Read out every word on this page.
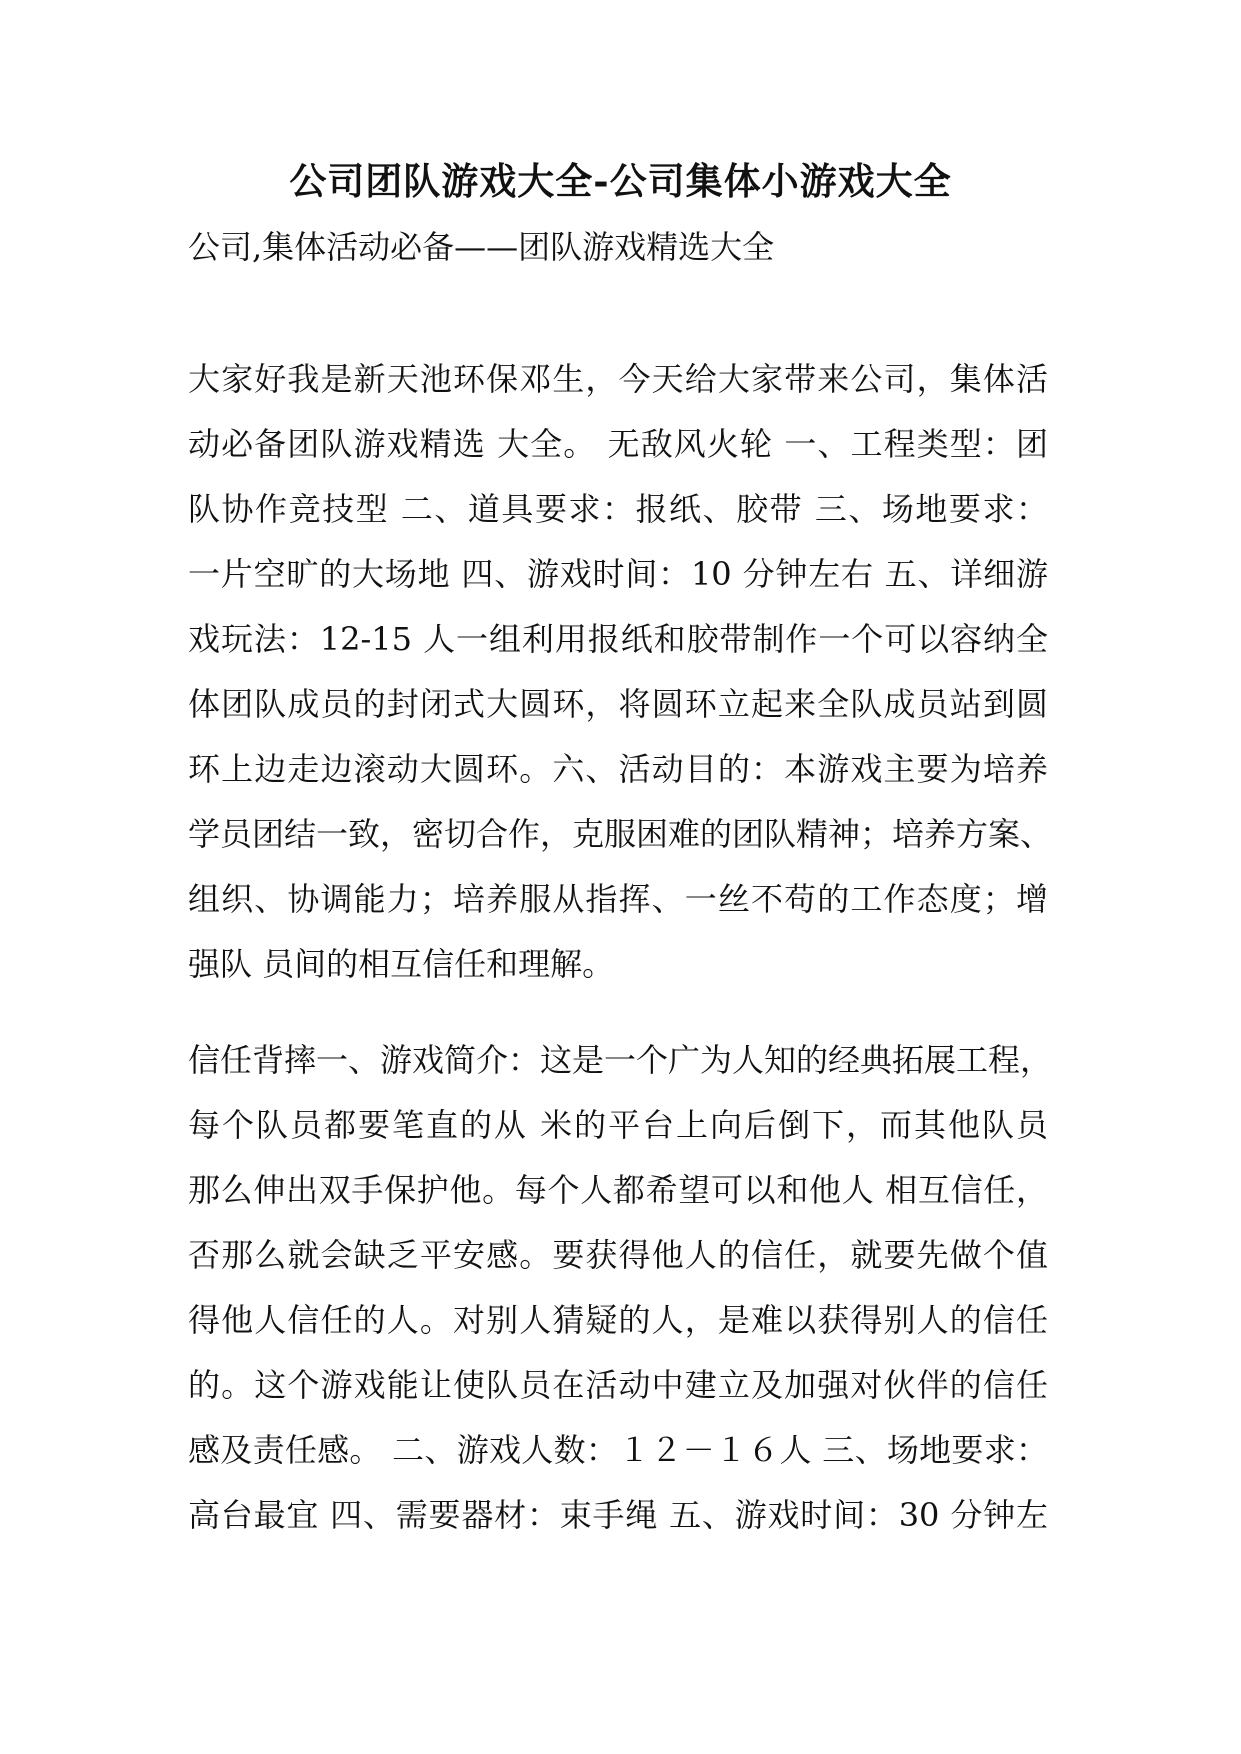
公司团队游戏大全-公司集体小游戏大全
公司,集体活动必备——团队游戏精选大全
大家好我是新天池环保邓生，今天给大家带来公司，集体活
动必备团队游戏精选 大全。 无敌风火轮 一、工程类型：团
队协作竞技型 二、道具要求：报纸、胶带 三、场地要求：
一片空旷的大场地 四、游戏时间：10 分钟左右 五、详细游
戏玩法：12-15 人一组利用报纸和胶带制作一个可以容纳全
体团队成员的封闭式大圆环，将圆环立起来全队成员站到圆
环上边走边滚动大圆环。六、活动目的：本游戏主要为培养
学员团结一致，密切合作，克服困难的团队精神；培养方案、
组织、协调能力；培养服从指挥、一丝不苟的工作态度；增
强队 员间的相互信任和理解。
信任背摔一、游戏简介：这是一个广为人知的经典拓展工程，
每个队员都要笔直的从 米的平台上向后倒下，而其他队员
那么伸出双手保护他。每个人都希望可以和他人 相互信任，
否那么就会缺乏平安感。要获得他人的信任，就要先做个值
得他人信任的人。对别人猜疑的人，是难以获得别人的信任
的。这个游戏能让使队员在活动中建立及加强对伙伴的信任
感及责任感。 二、游戏人数：１２－１６人 三、场地要求：
高台最宜 四、需要器材：束手绳 五、游戏时间：30 分钟左
